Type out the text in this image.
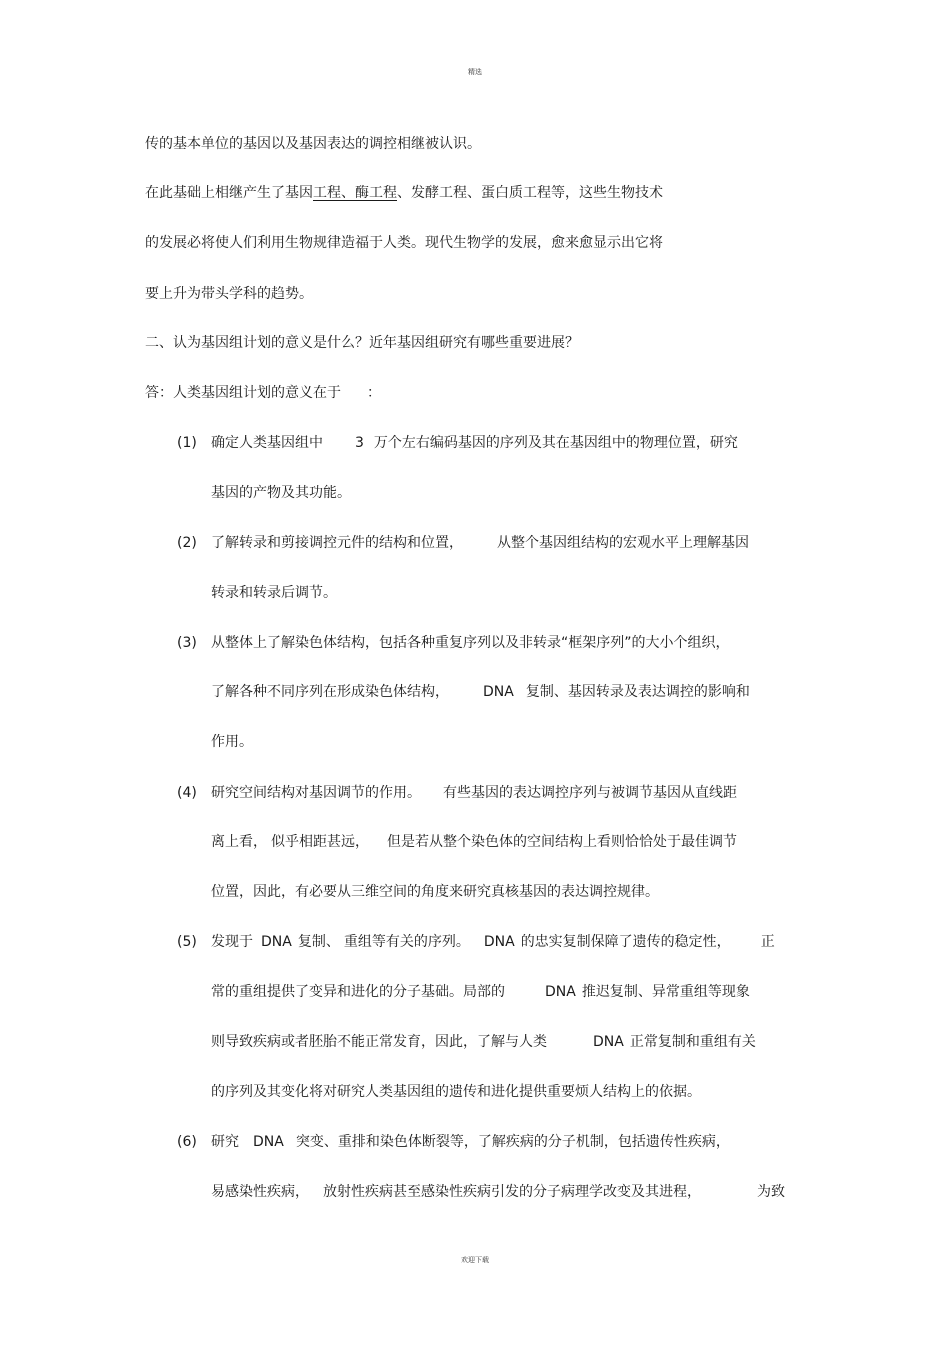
精选
传的基本单位的基因以及基因表达的调控相继被认识。
在此基础上相继产生了基因工程、酶工程、发酵工程、蛋白质工程等，这些生物技术
的发展必将使人们利用生物规律造福于人类。现代生物学的发展，愈来愈显示出它将
要上升为带头学科的趋势。
二、认为基因组计划的意义是什么？近年基因组研究有哪些重要进展？
答：人类基因组计划的意义在于 ：
(1) 确定人类基因组中 3 万个左右编码基因的序列及其在基因组中的物理位置，研究
基因的产物及其功能。
(2) 了解转录和剪接调控元件的结构和位置， 从整个基因组结构的宏观水平上理解基因
转录和转录后调节。
(3) 从整体上了解染色体结构，包括各种重复序列以及非转录“框架序列”的大小个组织，
了解各种不同序列在形成染色体结构， DNA 复制、基因转录及表达调控的影响和
作用。
(4) 研究空间结构对基因调节的作用。 有些基因的表达调控序列与被调节基因从直线距
离上看， 似乎相距甚远， 但是若从整个染色体的空间结构上看则恰恰处于最佳调节
位置，因此，有必要从三维空间的角度来研究真核基因的表达调控规律。
(5) 发现于 DNA 复制、 重组等有关的序列。 DNA 的忠实复制保障了遗传的稳定性， 正
常的重组提供了变异和进化的分子基础。局部的	DNA 推迟复制、异常重组等现象
则导致疾病或者胚胎不能正常发育，因此，了解与人类	DNA 正常复制和重组有关
的序列及其变化将对研究人类基因组的遗传和进化提供重要烦人结构上的依据。
(6) 研究 DNA 突变、重排和染色体断裂等，了解疾病的分子机制，包括遗传性疾病，
易感染性疾病， 放射性疾病甚至感染性疾病引发的分子病理学改变及其进程，	为致
欢迎下载
